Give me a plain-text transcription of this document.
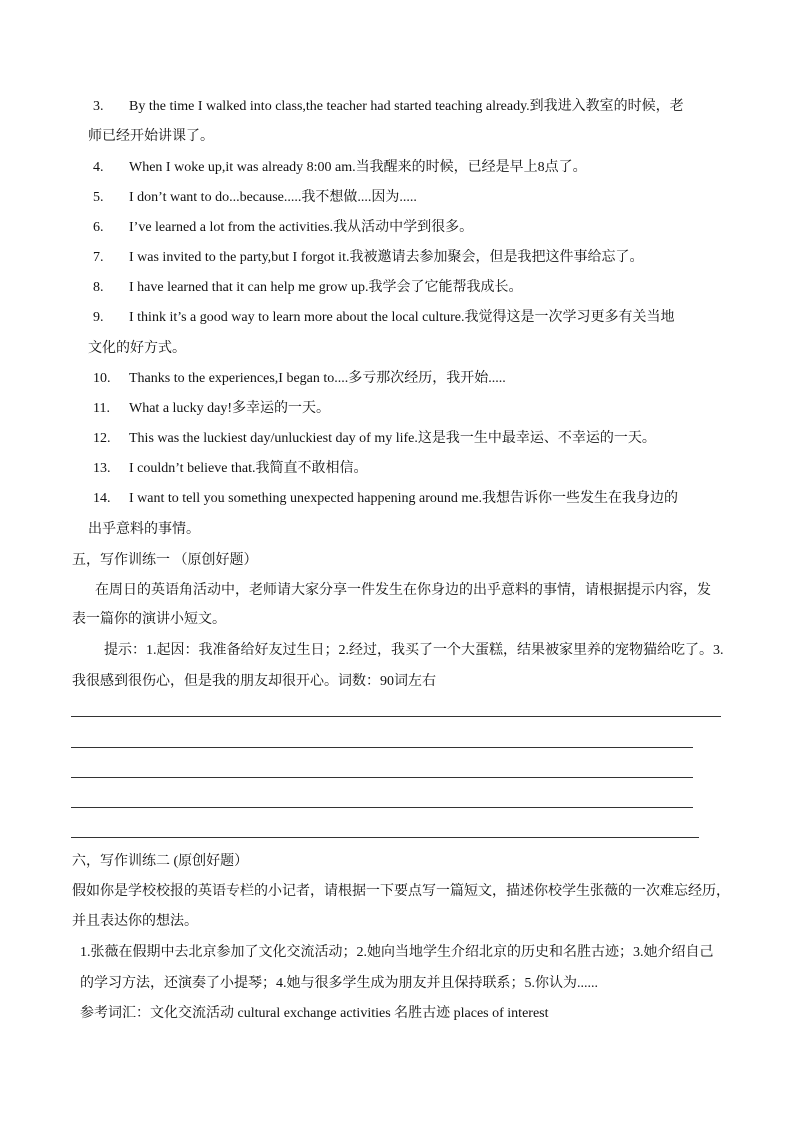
3. By the time I walked into class,the teacher had started teaching already.到我进入教室的时候，老
师已经开始讲课了。
4. When I woke up,it was already 8:00 am.当我醒来的时候，已经是早上8点了。
5. I don’t want to do...because.....我不想做....因为.....
6. I’ve learned a lot from the activities.我从活动中学到很多。
7. I was invited to the party,but I forgot it.我被邀请去参加聚会，但是我把这件事给忘了。
8. I have learned that it can help me grow up.我学会了它能帮我成长。
9. I think it’s a good way to learn more about the local culture.我觉得这是一次学习更多有关当地
文化的好方式。
10. Thanks to the experiences,I began to....多亏那次经历，我开始.....
11. What a lucky day!多幸运的一天。
12. This was the luckiest day/unluckiest day of my life.这是我一生中最幸运、不幸运的一天。
13. I couldn’t believe that.我简直不敢相信。
14. I want to tell you something unexpected happening around me.我想告诉你一些发生在我身边的
出乎意料的事情。
五，写作训练一 （原创好题）
在周日的英语角活动中，老师请大家分享一件发生在你身边的出乎意料的事情，请根据提示内容，发
表一篇你的演讲小短文。
提示：1.起因：我准备给好友过生日；2.经过，我买了一个大蛋糕，结果被家里养的宠物猫给吃了。3.
我很感到很伤心，但是我的朋友却很开心。词数：90词左右
六，写作训练二 (原创好题）
假如你是学校校报的英语专栏的小记者，请根据一下要点写一篇短文，描述你校学生张薇的一次难忘经历，
并且表达你的想法。
1.张薇在假期中去北京参加了文化交流活动；2.她向当地学生介绍北京的历史和名胜古迹；3.她介绍自己
的学习方法，还演奏了小提琴；4.她与很多学生成为朋友并且保持联系；5.你认为......
参考词汇：文化交流活动 cultural exchange activities 名胜古迹 places of interest
